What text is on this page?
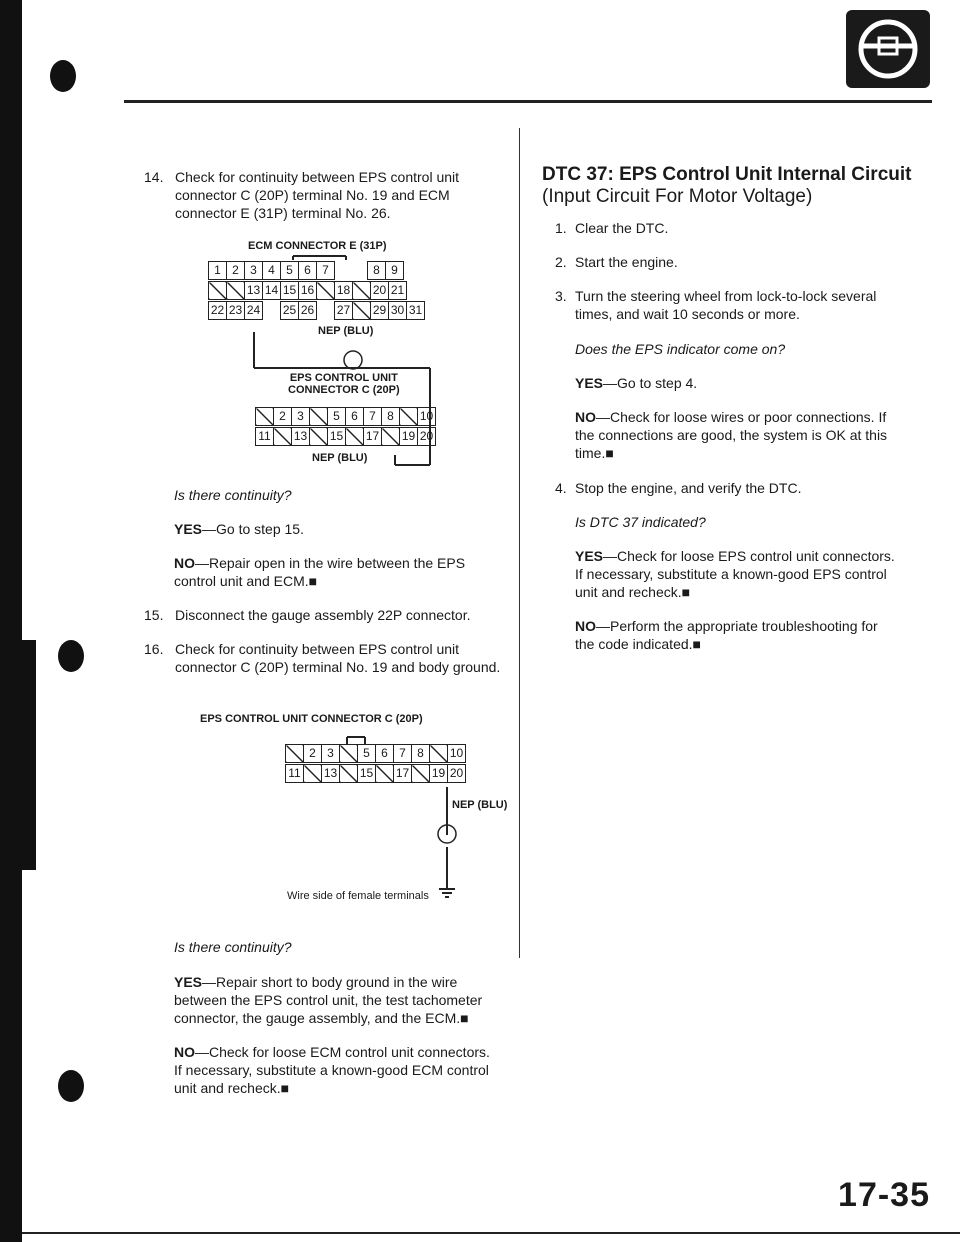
14. Check for continuity between EPS control unit
connector C (20P) terminal No. 19 and ECM
connector E (31P) terminal No. 26.
ECM CONNECTOR E (31P)
1	2	3	4	5	6	7		8	9
		13	14	15	16		18		20	21
22	23	24		25	26		27		29	30	31
NEP (BLU)
EPS CONTROL UNIT
CONNECTOR C (20P)
	2	3		5	6	7	8		10
11		13		15		17		19	20
NEP (BLU)
Is there continuity?
YES—Go to step 15.
NO—Repair open in the wire between the EPS
control unit and ECM.■
15. Disconnect the gauge assembly 22P connector.
16. Check for continuity between EPS control unit
connector C (20P) terminal No. 19 and body ground.
EPS CONTROL UNIT CONNECTOR C (20P)
	2	3		5	6	7	8		10
11		13		15		17		19	20
NEP (BLU)
Wire side of female terminals
Is there continuity?
YES—Repair short to body ground in the wire
between the EPS control unit, the test tachometer
connector, the gauge assembly, and the ECM.■
NO—Check for loose ECM control unit connectors.
If necessary, substitute a known-good ECM control
unit and recheck.■
DTC 37: EPS Control Unit Internal Circuit
(Input Circuit For Motor Voltage)
1. Clear the DTC.
2. Start the engine.
3. Turn the steering wheel from lock-to-lock several
times, and wait 10 seconds or more.
Does the EPS indicator come on?
YES—Go to step 4.
NO—Check for loose wires or poor connections. If
the connections are good, the system is OK at this
time.■
4. Stop the engine, and verify the DTC.
Is DTC 37 indicated?
YES—Check for loose EPS control unit connectors.
If necessary, substitute a known-good EPS control
unit and recheck.■
NO—Perform the appropriate troubleshooting for
the code indicated.■
17-35
